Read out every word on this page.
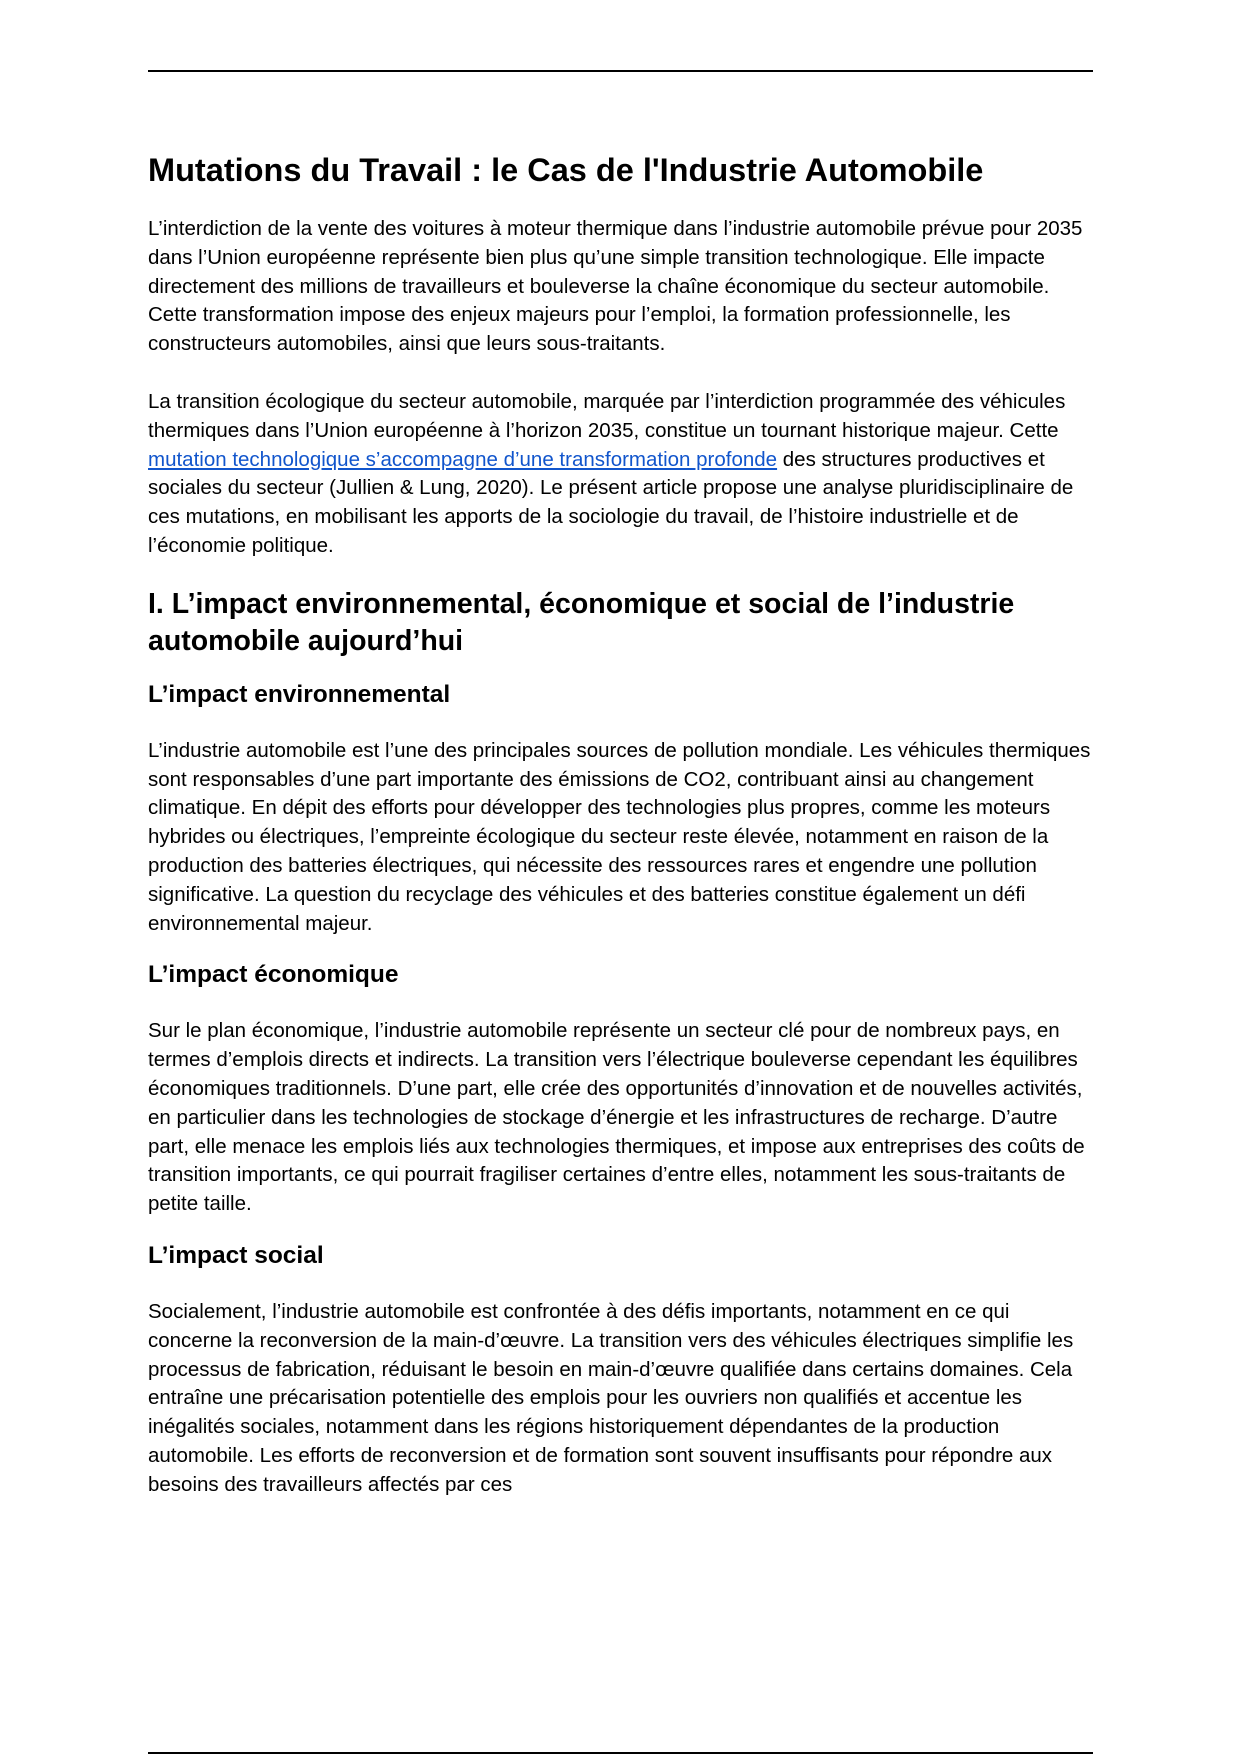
Mutations du Travail : le Cas de l'Industrie Automobile

L’interdiction de la vente des voitures à moteur thermique dans l’industrie automobile prévue pour 2035 dans l’Union européenne représente bien plus qu’une simple transition technologique. Elle impacte directement des millions de travailleurs et bouleverse la chaîne économique du secteur automobile. Cette transformation impose des enjeux majeurs pour l’emploi, la formation professionnelle, les constructeurs automobiles, ainsi que leurs sous-traitants.

La transition écologique du secteur automobile, marquée par l’interdiction programmée des véhicules thermiques dans l’Union européenne à l’horizon 2035, constitue un tournant historique majeur. Cette mutation technologique s’accompagne d’une transformation profonde des structures productives et sociales du secteur (Jullien & Lung, 2020). Le présent article propose une analyse pluridisciplinaire de ces mutations, en mobilisant les apports de la sociologie du travail, de l’histoire industrielle et de l’économie politique.

I. L’impact environnemental, économique et social de l’industrie automobile aujourd’hui
L’impact environnemental

L’industrie automobile est l’une des principales sources de pollution mondiale. Les véhicules thermiques sont responsables d’une part importante des émissions de CO2, contribuant ainsi au changement climatique. En dépit des efforts pour développer des technologies plus propres, comme les moteurs hybrides ou électriques, l’empreinte écologique du secteur reste élevée, notamment en raison de la production des batteries électriques, qui nécessite des ressources rares et engendre une pollution significative. La question du recyclage des véhicules et des batteries constitue également un défi environnemental majeur.

L’impact économique

Sur le plan économique, l’industrie automobile représente un secteur clé pour de nombreux pays, en termes d’emplois directs et indirects. La transition vers l’électrique bouleverse cependant les équilibres économiques traditionnels. D’une part, elle crée des opportunités d’innovation et de nouvelles activités, en particulier dans les technologies de stockage d’énergie et les infrastructures de recharge. D’autre part, elle menace les emplois liés aux technologies thermiques, et impose aux entreprises des coûts de transition importants, ce qui pourrait fragiliser certaines d’entre elles, notamment les sous-traitants de petite taille.

L’impact social

Socialement, l’industrie automobile est confrontée à des défis importants, notamment en ce qui concerne la reconversion de la main-d’œuvre. La transition vers des véhicules électriques simplifie les processus de fabrication, réduisant le besoin en main-d’œuvre qualifiée dans certains domaines. Cela entraîne une précarisation potentielle des emplois pour les ouvriers non qualifiés et accentue les inégalités sociales, notamment dans les régions historiquement dépendantes de la production automobile. Les efforts de reconversion et de formation sont souvent insuffisants pour répondre aux besoins des travailleurs affectés par ces
